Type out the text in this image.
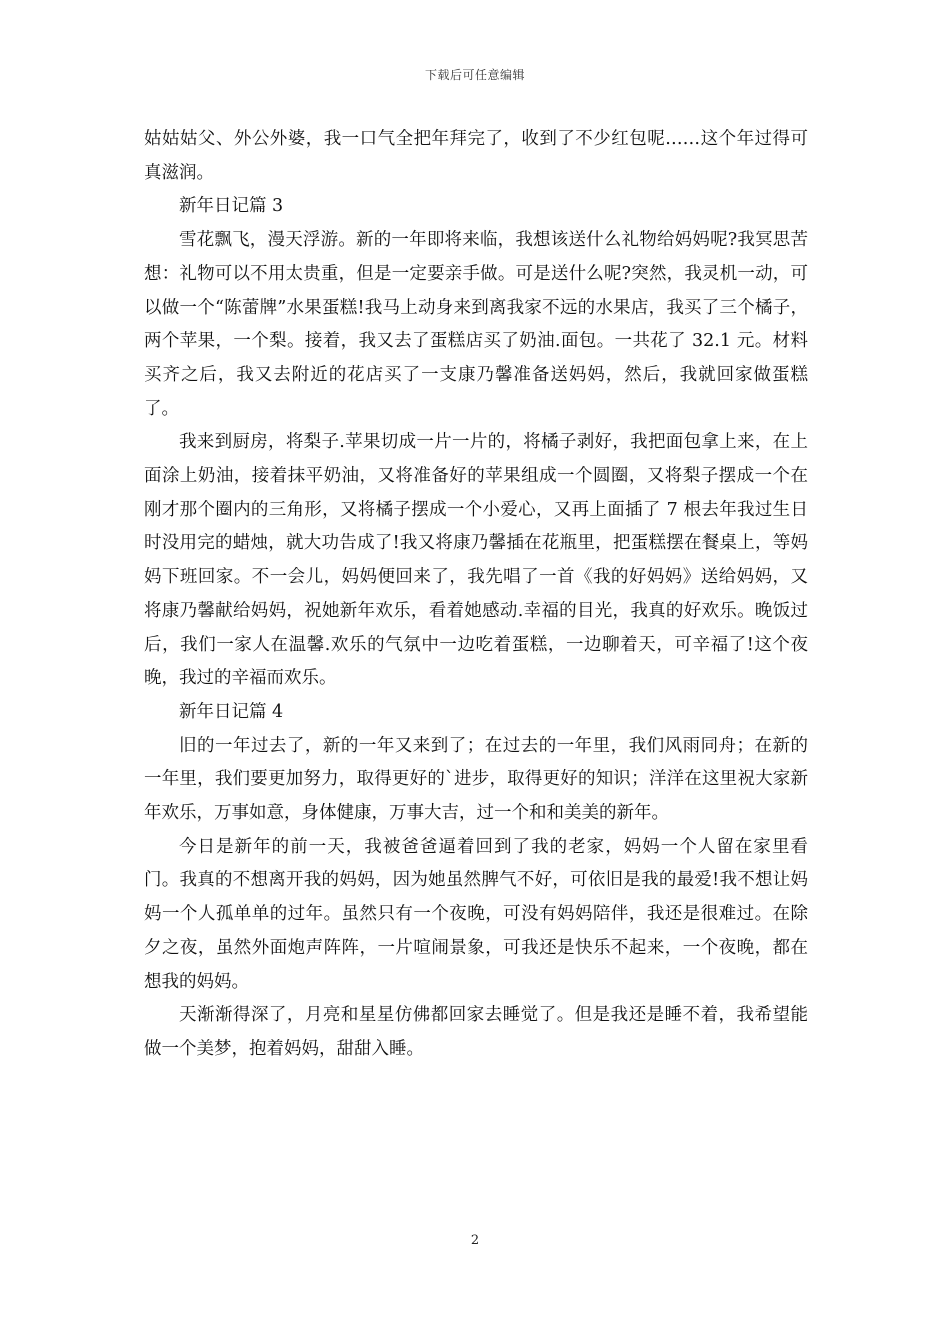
下载后可任意编辑

姑姑姑父、外公外婆，我一口气全把年拜完了，收到了不少红包呢……这个年过得可真滋润。

新年日记篇 3

雪花飘飞，漫天浮游。新的一年即将来临，我想该送什么礼物给妈妈呢?我冥思苦想：礼物可以不用太贵重，但是一定要亲手做。可是送什么呢?突然，我灵机一动，可以做一个“陈蕾牌”水果蛋糕!我马上动身来到离我家不远的水果店，我买了三个橘子，两个苹果，一个梨。接着，我又去了蛋糕店买了奶油.面包。一共花了 32.1 元。材料买齐之后，我又去附近的花店买了一支康乃馨准备送妈妈，然后，我就回家做蛋糕了。

我来到厨房，将梨子.苹果切成一片一片的，将橘子剥好，我把面包拿上来，在上面涂上奶油，接着抹平奶油，又将准备好的苹果组成一个圆圈，又将梨子摆成一个在刚才那个圈内的三角形，又将橘子摆成一个小爱心，又再上面插了 7 根去年我过生日时没用完的蜡烛，就大功告成了!我又将康乃馨插在花瓶里，把蛋糕摆在餐桌上，等妈妈下班回家。不一会儿，妈妈便回来了，我先唱了一首《我的好妈妈》送给妈妈，又将康乃馨献给妈妈，祝她新年欢乐，看着她感动.幸福的目光，我真的好欢乐。晚饭过后，我们一家人在温馨.欢乐的气氛中一边吃着蛋糕，一边聊着天，可辛福了!这个夜晚，我过的辛福而欢乐。

新年日记篇 4

旧的一年过去了，新的一年又来到了；在过去的一年里，我们风雨同舟；在新的一年里，我们要更加努力，取得更好的`进步，取得更好的知识；洋洋在这里祝大家新年欢乐，万事如意，身体健康，万事大吉，过一个和和美美的新年。

今日是新年的前一天，我被爸爸逼着回到了我的老家，妈妈一个人留在家里看门。我真的不想离开我的妈妈，因为她虽然脾气不好，可依旧是我的最爱!我不想让妈妈一个人孤单单的过年。虽然只有一个夜晚，可没有妈妈陪伴，我还是很难过。在除夕之夜，虽然外面炮声阵阵，一片喧闹景象，可我还是快乐不起来，一个夜晚，都在想我的妈妈。

天渐渐得深了，月亮和星星仿佛都回家去睡觉了。但是我还是睡不着，我希望能做一个美梦，抱着妈妈，甜甜入睡。

2
